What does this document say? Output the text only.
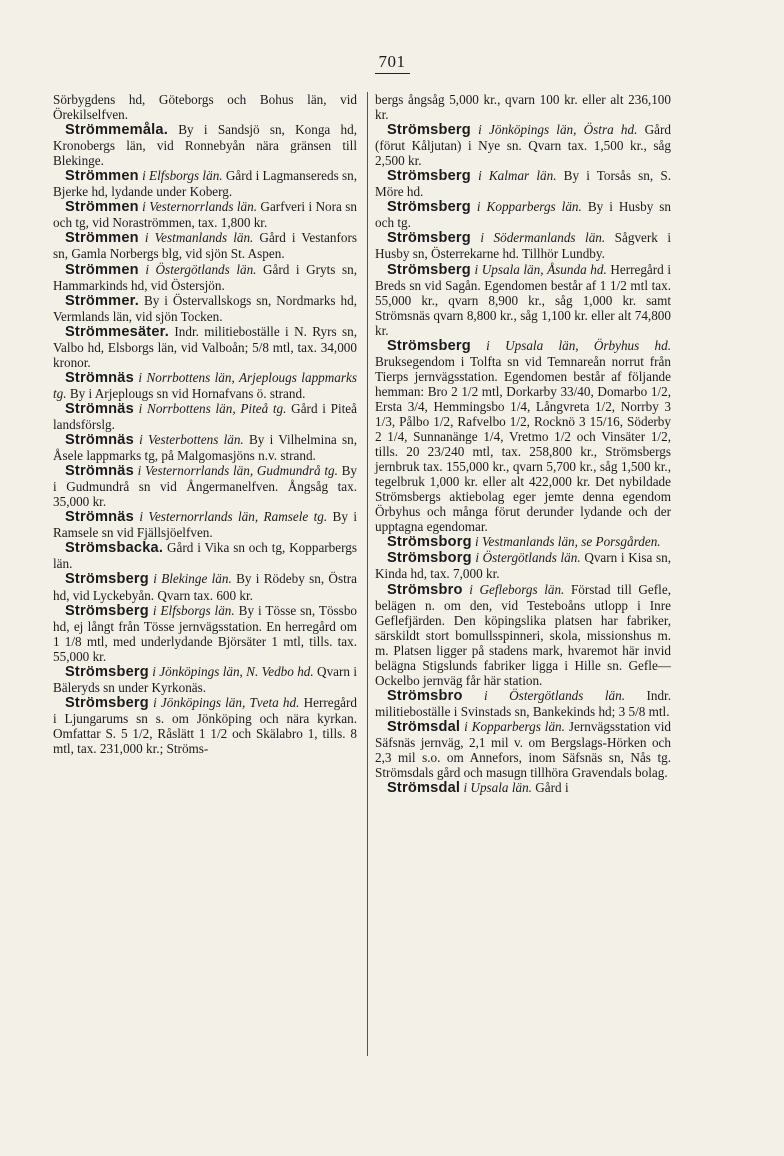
701

Sörbygdens hd, Göteborgs och Bohus län, vid Örekilselfven.

Strömmemåla. By i Sandsjö sn, Konga hd, Kronobergs län, vid Ronnebyån nära gränsen till Blekinge.

Strömmen i Elfsborgs län. Gård i Lagmansereds sn, Bjerke hd, lydande under Koberg.

Strömmen i Vesternorrlands län. Garfveri i Nora sn och tg, vid Noraströmmen, tax. 1,800 kr.

Strömmen i Vestmanlands län. Gård i Vestanfors sn, Gamla Norbergs blg, vid sjön St. Aspen.

Strömmen i Östergötlands län. Gård i Gryts sn, Hammarkinds hd, vid Östersjön.

Strömmer. By i Östervallskogs sn, Nordmarks hd, Vermlands län, vid sjön Tocken.

Strömmesäter. Indr. militieboställe i N. Ryrs sn, Valbo hd, Elsborgs län, vid Valboån; 5/8 mtl, tax. 34,000 kronor.

Strömnäs i Norrbottens län, Arjeplougs lappmarks tg. By i Arjeplougs sn vid Hornafvans ö. strand.

Strömnäs i Norrbottens län, Piteå tg. Gård i Piteå landsförslg.

Strömnäs i Vesterbottens län. By i Vilhelmina sn, Åsele lappmarks tg, på Malgomasjöns n.v. strand.

Strömnäs i Vesternorrlands län, Gudmundrå tg. By i Gudmundrå sn vid Ångermanelfven. Ångsåg tax. 35,000 kr.

Strömnäs i Vesternorrlands län, Ramsele tg. By i Ramsele sn vid Fjällsjöelfven.

Strömsbacka. Gård i Vika sn och tg, Kopparbergs län.

Strömsberg i Blekinge län. By i Rödeby sn, Östra hd, vid Lyckebyån. Qvarn tax. 600 kr.

Strömsberg i Elfsborgs län. By i Tösse sn, Tössbo hd, ej långt från Tösse jernvägsstation. En herregård om 1 1/8 mtl, med underlydande Björsäter 1 mtl, tills. tax. 55,000 kr.

Strömsberg i Jönköpings län, N. Vedbo hd. Qvarn i Bäleryds sn under Kyrkonäs.

Strömsberg i Jönköpings län, Tveta hd. Herregård i Ljungarums sn s. om Jönköping och nära kyrkan. Omfattar S. 5 1/2, Råslätt 1 1/2 och Skälabro 1, tills. 8 mtl, tax. 231,000 kr.; Ströms-

bergs ångsåg 5,000 kr., qvarn 100 kr. eller alt 236,100 kr.

Strömsberg i Jönköpings län, Östra hd. Gård (förut Kåljutan) i Nye sn. Qvarn tax. 1,500 kr., såg 2,500 kr.

Strömsberg i Kalmar län. By i Torsås sn, S. Möre hd.

Strömsberg i Kopparbergs län. By i Husby sn och tg.

Strömsberg i Södermanlands län. Sågverk i Husby sn, Österrekarne hd. Tillhör Lundby.

Strömsberg i Upsala län, Åsunda hd. Herregård i Breds sn vid Sagån. Egendomen består af 1 1/2 mtl tax. 55,000 kr., qvarn 8,900 kr., såg 1,000 kr. samt Strömsnäs qvarn 8,800 kr., såg 1,100 kr. eller alt 74,800 kr.

Strömsberg i Upsala län, Örbyhus hd. Bruksegendom i Tolfta sn vid Temnareån norrut från Tierps jernvägsstation. Egendomen består af följande hemman: Bro 2 1/2 mtl, Dorkarby 33/40, Domarbo 1/2, Ersta 3/4, Hemmingsbo 1/4, Långvreta 1/2, Norrby 3 1/3, Pålbo 1/2, Rafvelbo 1/2, Rocknö 3 15/16, Söderby 2 1/4, Sunnanänge 1/4, Vretmo 1/2 och Vinsäter 1/2, tills. 20 23/240 mtl, tax. 258,800 kr., Strömsbergs jernbruk tax. 155,000 kr., qvarn 5,700 kr., såg 1,500 kr., tegelbruk 1,000 kr. eller alt 422,000 kr. Det nybildade Strömsbergs aktiebolag eger jemte denna egendom Örbyhus och många förut derunder lydande och der upptagna egendomar.

Strömsborg i Vestmanlands län, se Porsgården.

Strömsborg i Östergötlands län. Qvarn i Kisa sn, Kinda hd, tax. 7,000 kr.

Strömsbro i Gefleborgs län. Förstad till Gefle, belägen n. om den, vid Testeboåns utlopp i Inre Geflefjärden. Den köpingslika platsen har fabriker, särskildt stort bomullsspinneri, skola, missionshus m. m. Platsen ligger på stadens mark, hvaremot här invid belägna Stigslunds fabriker ligga i Hille sn. Gefle—Ockelbo jernväg får här station.

Strömsbro i Östergötlands län. Indr. militieboställe i Svinstads sn, Bankekinds hd; 3 5/8 mtl.

Strömsdal i Kopparbergs län. Jernvägsstation vid Säfsnäs jernväg, 2,1 mil v. om Bergslags-Hörken och 2,3 mil s.o. om Annefors, inom Säfsnäs sn, Nås tg. Strömsdals gård och masugn tillhöra Gravendals bolag.

Strömsdal i Upsala län. Gård i
